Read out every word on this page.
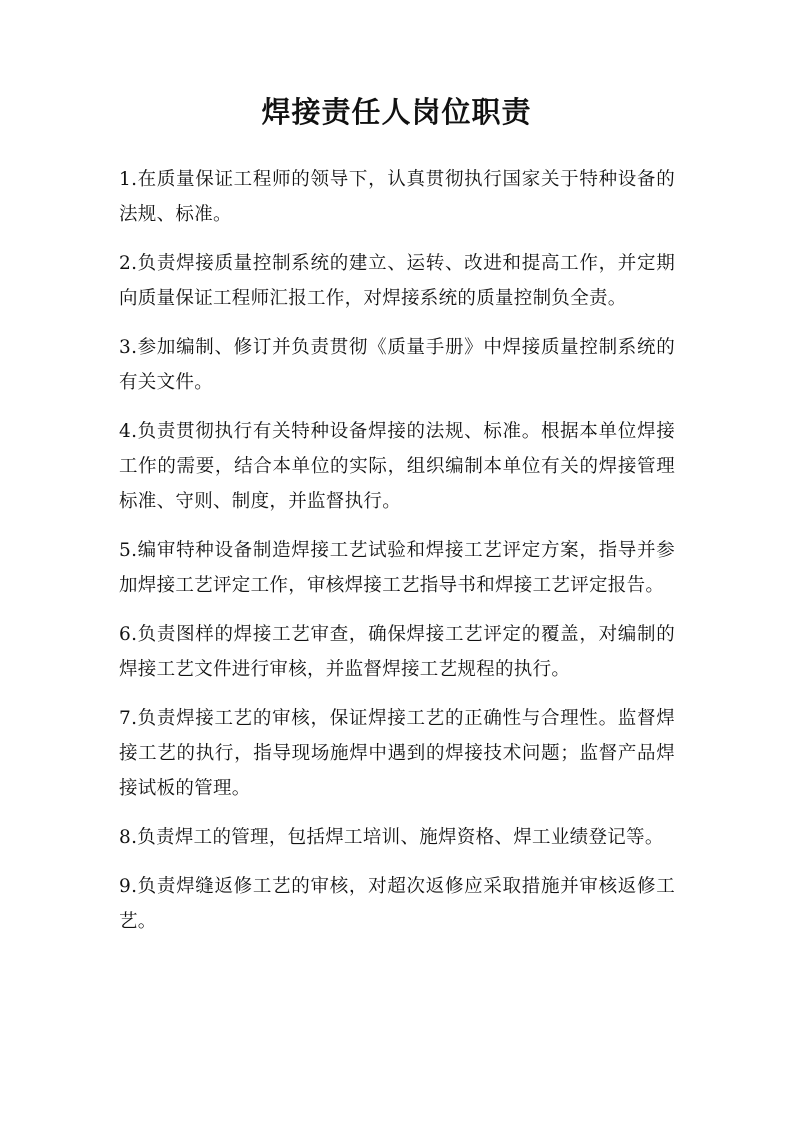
焊接责任人岗位职责

1.在质量保证工程师的领导下，认真贯彻执行国家关于特种设备的法规、标准。

2.负责焊接质量控制系统的建立、运转、改进和提高工作，并定期向质量保证工程师汇报工作，对焊接系统的质量控制负全责。

3.参加编制、修订并负责贯彻《质量手册》中焊接质量控制系统的有关文件。

4.负责贯彻执行有关特种设备焊接的法规、标准。根据本单位焊接工作的需要，结合本单位的实际，组织编制本单位有关的焊接管理标准、守则、制度，并监督执行。

5.编审特种设备制造焊接工艺试验和焊接工艺评定方案，指导并参加焊接工艺评定工作，审核焊接工艺指导书和焊接工艺评定报告。

6.负责图样的焊接工艺审查，确保焊接工艺评定的覆盖，对编制的焊接工艺文件进行审核，并监督焊接工艺规程的执行。

7.负责焊接工艺的审核，保证焊接工艺的正确性与合理性。监督焊接工艺的执行，指导现场施焊中遇到的焊接技术问题；监督产品焊接试板的管理。

8.负责焊工的管理，包括焊工培训、施焊资格、焊工业绩登记等。

9.负责焊缝返修工艺的审核，对超次返修应采取措施并审核返修工艺。
